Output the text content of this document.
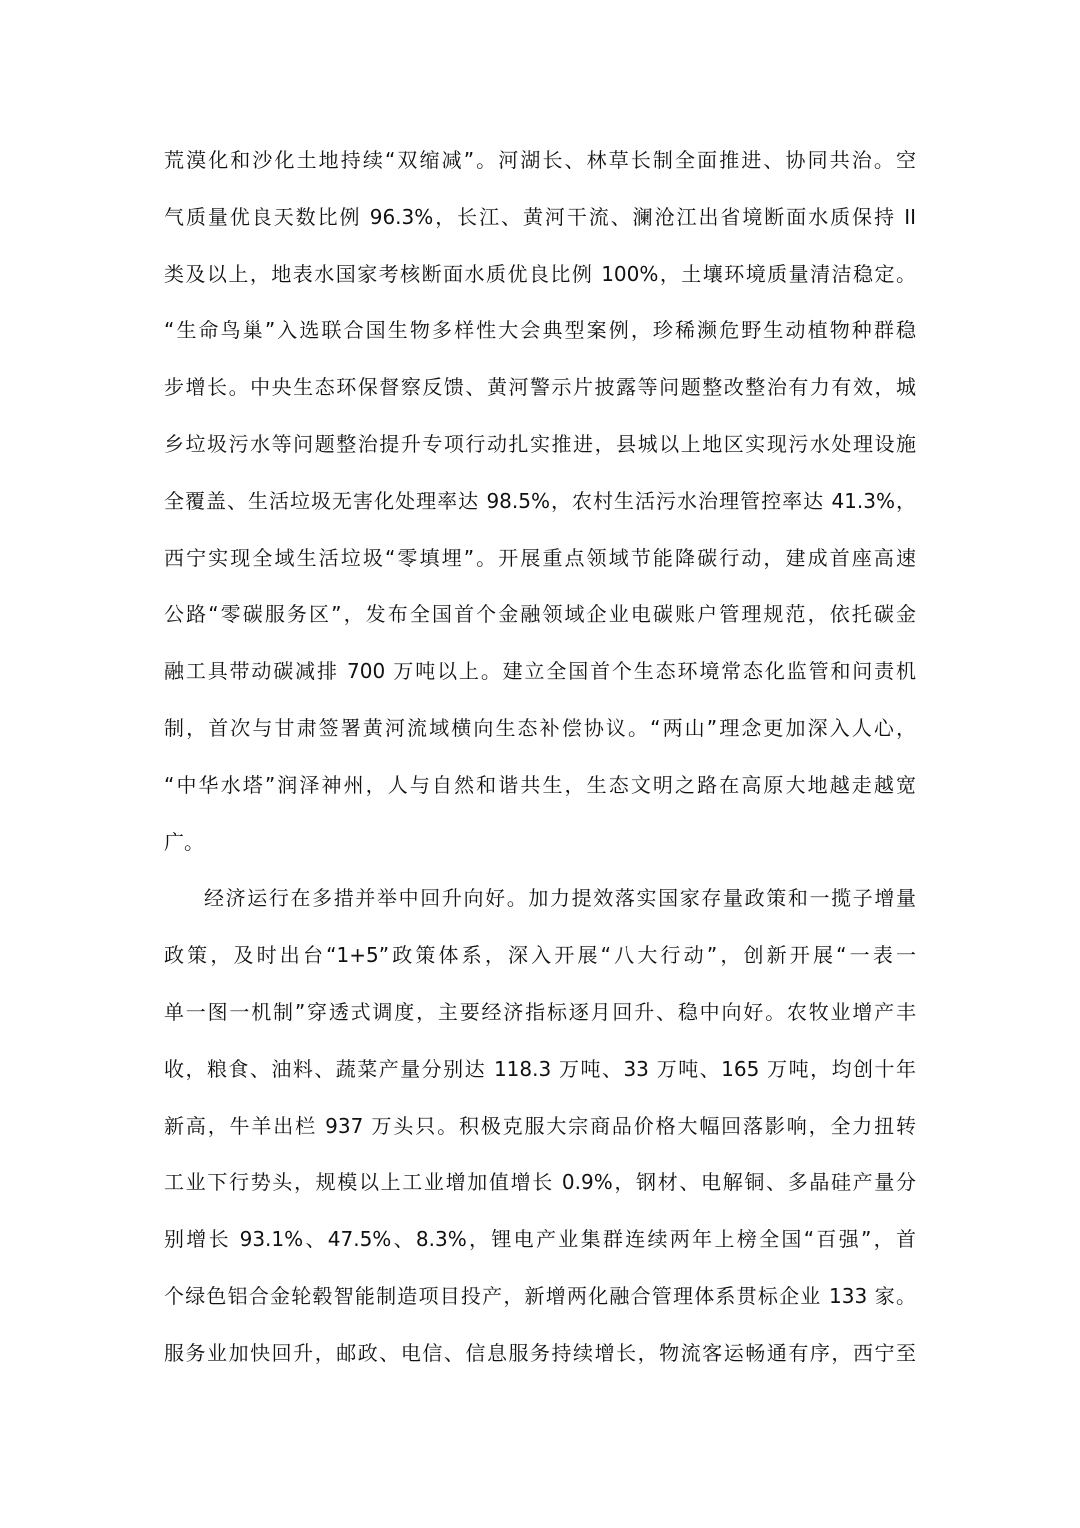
荒漠化和沙化土地持续“双缩减”。河湖长、林草长制全面推进、协同共治。空
气质量优良天数比例 96.3%，长江、黄河干流、澜沧江出省境断面水质保持 II
类及以上，地表水国家考核断面水质优良比例 100%，土壤环境质量清洁稳定。
“生命鸟巢”入选联合国生物多样性大会典型案例，珍稀濒危野生动植物种群稳
步增长。中央生态环保督察反馈、黄河警示片披露等问题整改整治有力有效，城
乡垃圾污水等问题整治提升专项行动扎实推进，县城以上地区实现污水处理设施
全覆盖、生活垃圾无害化处理率达 98.5%，农村生活污水治理管控率达 41.3%，
西宁实现全域生活垃圾“零填埋”。开展重点领域节能降碳行动，建成首座高速
公路“零碳服务区”，发布全国首个金融领域企业电碳账户管理规范，依托碳金
融工具带动碳减排 700 万吨以上。建立全国首个生态环境常态化监管和问责机
制，首次与甘肃签署黄河流域横向生态补偿协议。“两山”理念更加深入人心，
“中华水塔”润泽神州，人与自然和谐共生，生态文明之路在高原大地越走越宽
广。
经济运行在多措并举中回升向好。加力提效落实国家存量政策和一揽子增量
政策，及时出台“1+5”政策体系，深入开展“八大行动”，创新开展“一表一
单一图一机制”穿透式调度，主要经济指标逐月回升、稳中向好。农牧业增产丰
收，粮食、油料、蔬菜产量分别达 118.3 万吨、33 万吨、165 万吨，均创十年
新高，牛羊出栏 937 万头只。积极克服大宗商品价格大幅回落影响，全力扭转
工业下行势头，规模以上工业增加值增长 0.9%，钢材、电解铜、多晶硅产量分
别增长 93.1%、47.5%、8.3%，锂电产业集群连续两年上榜全国“百强”，首
个绿色铝合金轮毂智能制造项目投产，新增两化融合管理体系贯标企业 133 家。
服务业加快回升，邮政、电信、信息服务持续增长，物流客运畅通有序，西宁至
